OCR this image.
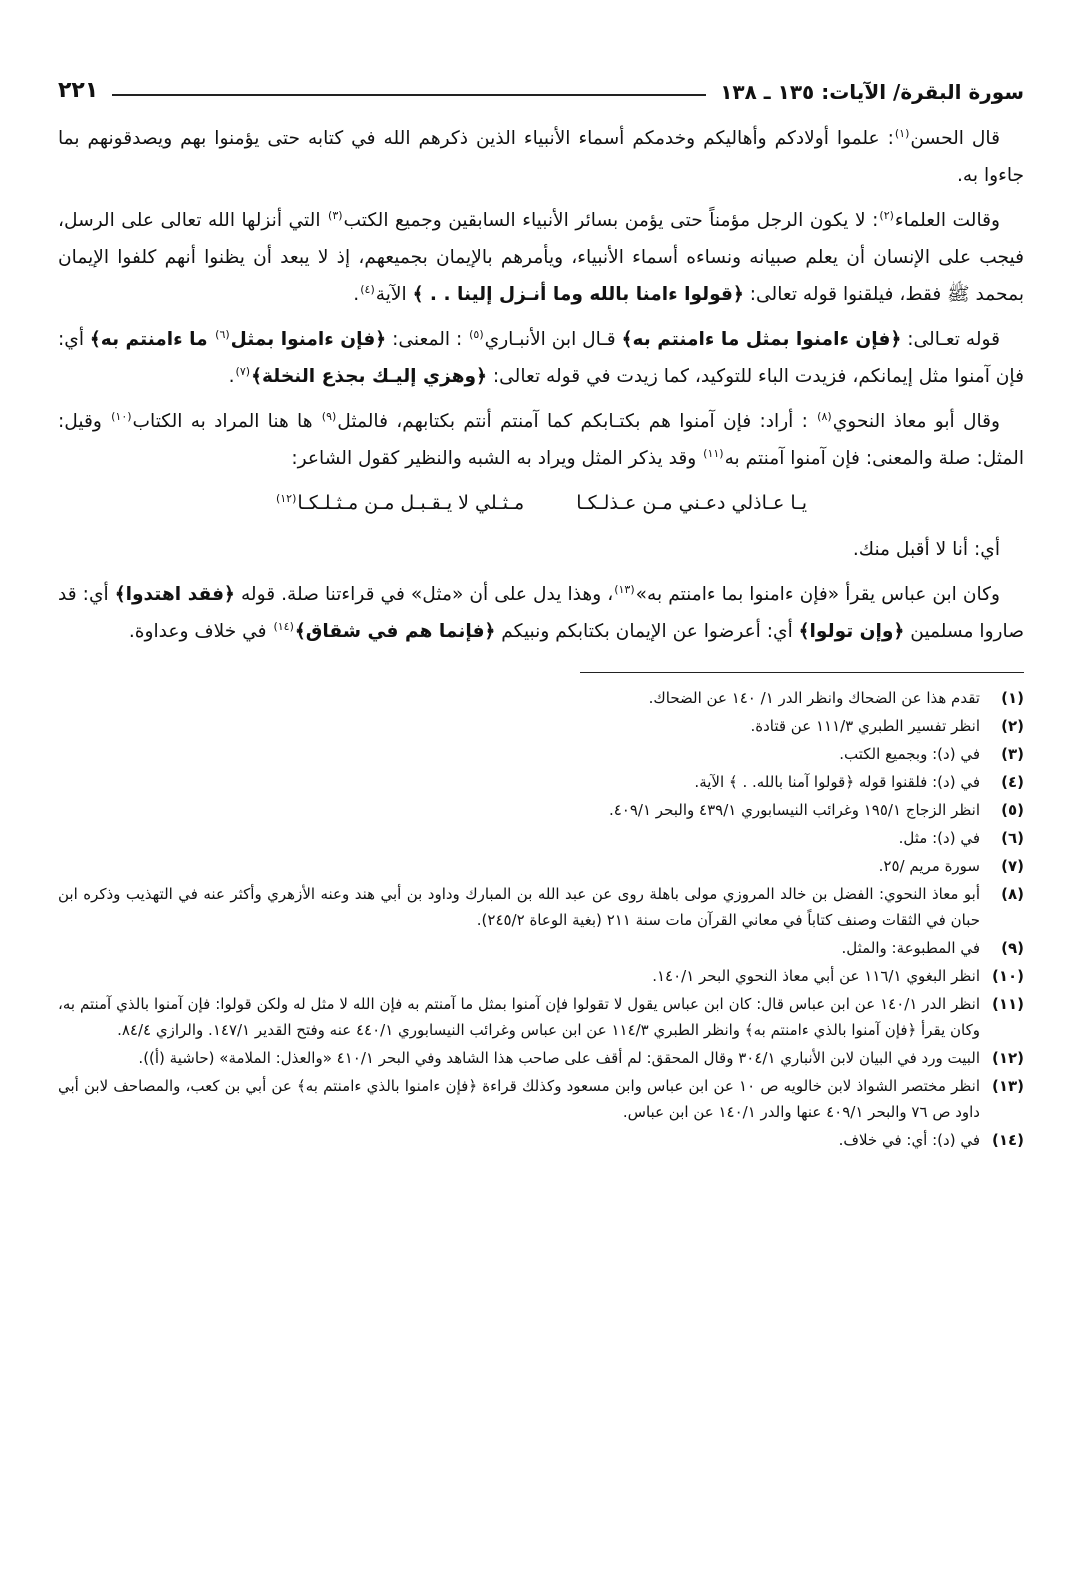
سورة البقرة/ الآيات: ١٣٥ ـ ١٣٨
٢٢١

قال الحسن$^{(١)}$: علموا أولادكم وأهاليكم وخدمكم أسماء الأنبياء الذين ذكرهم الله في كتابه حتى يؤمنوا بهم ويصدقونهم بما جاءوا به.

وقالت العلماء$^{(٢)}$: لا يكون الرجل مؤمناً حتى يؤمن بسائر الأنبياء السابقين وجميع الكتب$^{(٣)}$ التي أنزلها الله تعالى على الرسل، فيجب على الإنسان أن يعلم صبيانه ونساءه أسماء الأنبياء، ويأمرهم بالإيمان بجميعهم، إذ لا يبعد أن يظنوا أنهم كلفوا الإيمان بمحمد ﷺ فقط، فيلقنوا قوله تعالى: ﴿قولوا ءامنا بالله وما أنـزل إلينا . . ﴾ الآية$^{(٤)}$.

قوله تعـالى: ﴿فإن ءامنوا بمثل ما ءامنتم به﴾ قـال ابن الأنبـاري$^{(٥)}$ : المعنى: ﴿فإن ءامنوا بمثل$^{(٦)}$ ما ءامنتم به﴾ أي: فإن آمنوا مثل إيمانكم، فزيدت الباء للتوكيد، كما زيدت في قوله تعالى: ﴿وهزي إليـك بجذع النخلة﴾$^{(٧)}$.

وقال أبو معاذ النحوي$^{(٨)}$ : أراد: فإن آمنوا هم بكتـابكم كما آمنتم أنتم بكتابهم، فالمثل$^{(٩)}$ ها هنا المراد به الكتاب$^{(١٠)}$ وقيل: المثل: صلة والمعنى: فإن آمنوا آمنتم به$^{(١١)}$ وقد يذكر المثل ويراد به الشبه والنظير كقول الشاعر:

يـا عـاذلي دعـني مـن عـذلـكـامـثـلي لا يـقـبـل مـن مـثـلـكـا$^{(١٢)}$

أي: أنا لا أقبل منك.

وكان ابن عباس يقرأ «فإن ءامنوا بما ءامنتم به»$^{(١٣)}$، وهذا يدل على أن «مثل» في قراءتنا صلة. قوله ﴿فقد اهتدوا﴾ أي: قد صاروا مسلمين ﴿وإن تولوا﴾ أي: أعرضوا عن الإيمان بكتابكم ونبيكم ﴿فإنما هم في شقاق﴾$^{(١٤)}$ في خلاف وعداوة.

(١)
تقدم هذا عن الضحاك وانظر الدر ١/ ١٤٠ عن الضحاك.
(٢)
انظر تفسير الطبري ١١١/٣ عن قتادة.
(٣)
في (د): وبجميع الكتب.
(٤)
في (د): فلقنوا قوله ﴿قولوا آمنا بالله. . ﴾ الآية.
(٥)
انظر الزجاج ١٩٥/١ وغرائب النيسابوري ٤٣٩/١ والبحر ٤٠٩/١.
(٦)
في (د): مثل.
(٧)
سورة مريم /٢٥.
(٨)
أبو معاذ النحوي: الفضل بن خالد المروزي مولى باهلة روى عن عبد الله بن المبارك وداود بن أبي هند وعنه الأزهري وأكثر عنه في التهذيب وذكره ابن حبان في الثقات وصنف كتاباً في معاني القرآن مات سنة ٢١١ (بغية الوعاة ٢٤٥/٢).
(٩)
في المطبوعة: والمثل.
(١٠)
انظر البغوي ١١٦/١ عن أبي معاذ النحوي البحر ١٤٠/١.
(١١)
انظر الدر ١٤٠/١ عن ابن عباس قال: كان ابن عباس يقول لا تقولوا فإن آمنوا بمثل ما آمنتم به فإن الله لا مثل له ولكن قولوا: فإن آمنوا بالذي آمنتم به، وكان يقرأ ﴿فإن آمنوا بالذي ءامنتم به﴾ وانظر الطبري ١١٤/٣ عن ابن عباس وغرائب النيسابوري ٤٤٠/١ عنه وفتح القدير ١٤٧/١. والرازي ٨٤/٤.
(١٢)
البيت ورد في البيان لابن الأنباري ٣٠٤/١ وقال المحقق: لم أقف على صاحب هذا الشاهد وفي البحر ٤١٠/١ «والعذل: الملامة» (حاشية (أ)).
(١٣)
انظر مختصر الشواذ لابن خالويه ص ١٠ عن ابن عباس وابن مسعود وكذلك قراءة ﴿فإن ءامنوا بالذي ءامنتم به﴾ عن أبي بن كعب، والمصاحف لابن أبي داود ص ٧٦ والبحر ٤٠٩/١ عنها والدر ١٤٠/١ عن ابن عباس.
(١٤)
في (د): أي: في خلاف.
